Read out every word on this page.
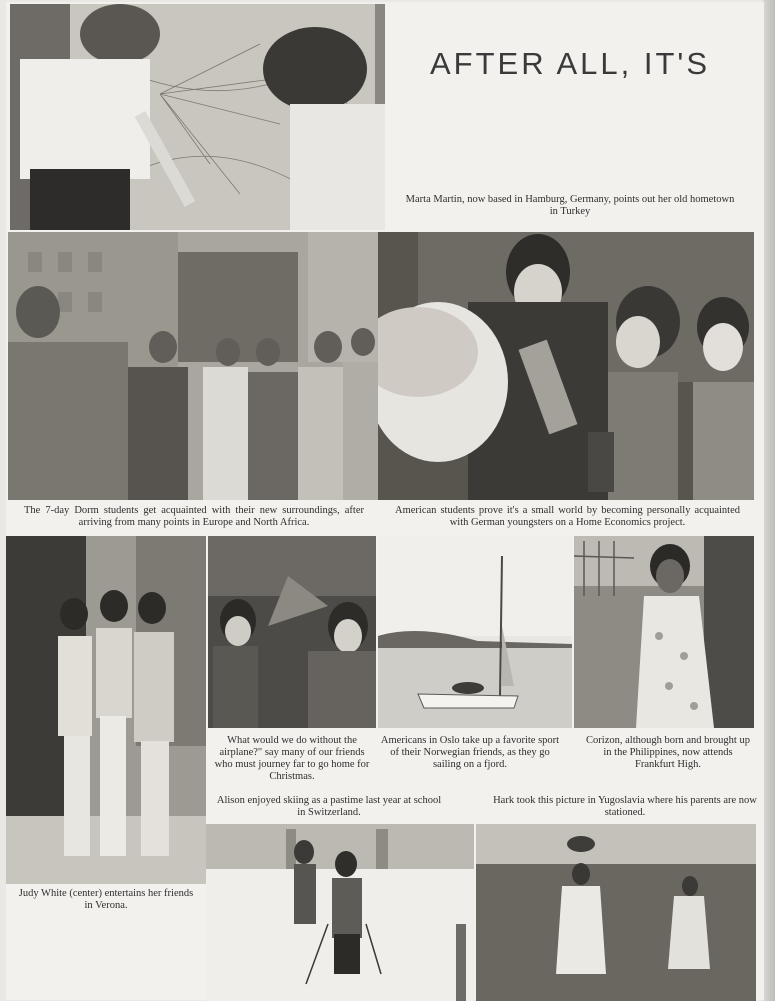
AFTER ALL, IT'S
Marta Martin, now based in Hamburg, Germany, points out her old hometown in Turkey
The 7-day Dorm students get acquainted with their new surroundings, after arriving from many points in Europe and North Africa.
American students prove it's a small world by becoming personally acquainted with German youngsters on a Home Economics project.
What would we do without the airplane?" say many of our friends who must journey far to go home for Christmas.
Americans in Oslo take up a favorite sport of their Norwegian friends, as they go sailing on a fjord.
Corizon, although born and brought up in the Philippines, now attends Frankfurt High.
Alison enjoyed skiing as a pastime last year at school in Switzerland.
Hark took this picture in Yugoslavia where his parents are now stationed.
Judy White (center) entertains her friends in Verona.
